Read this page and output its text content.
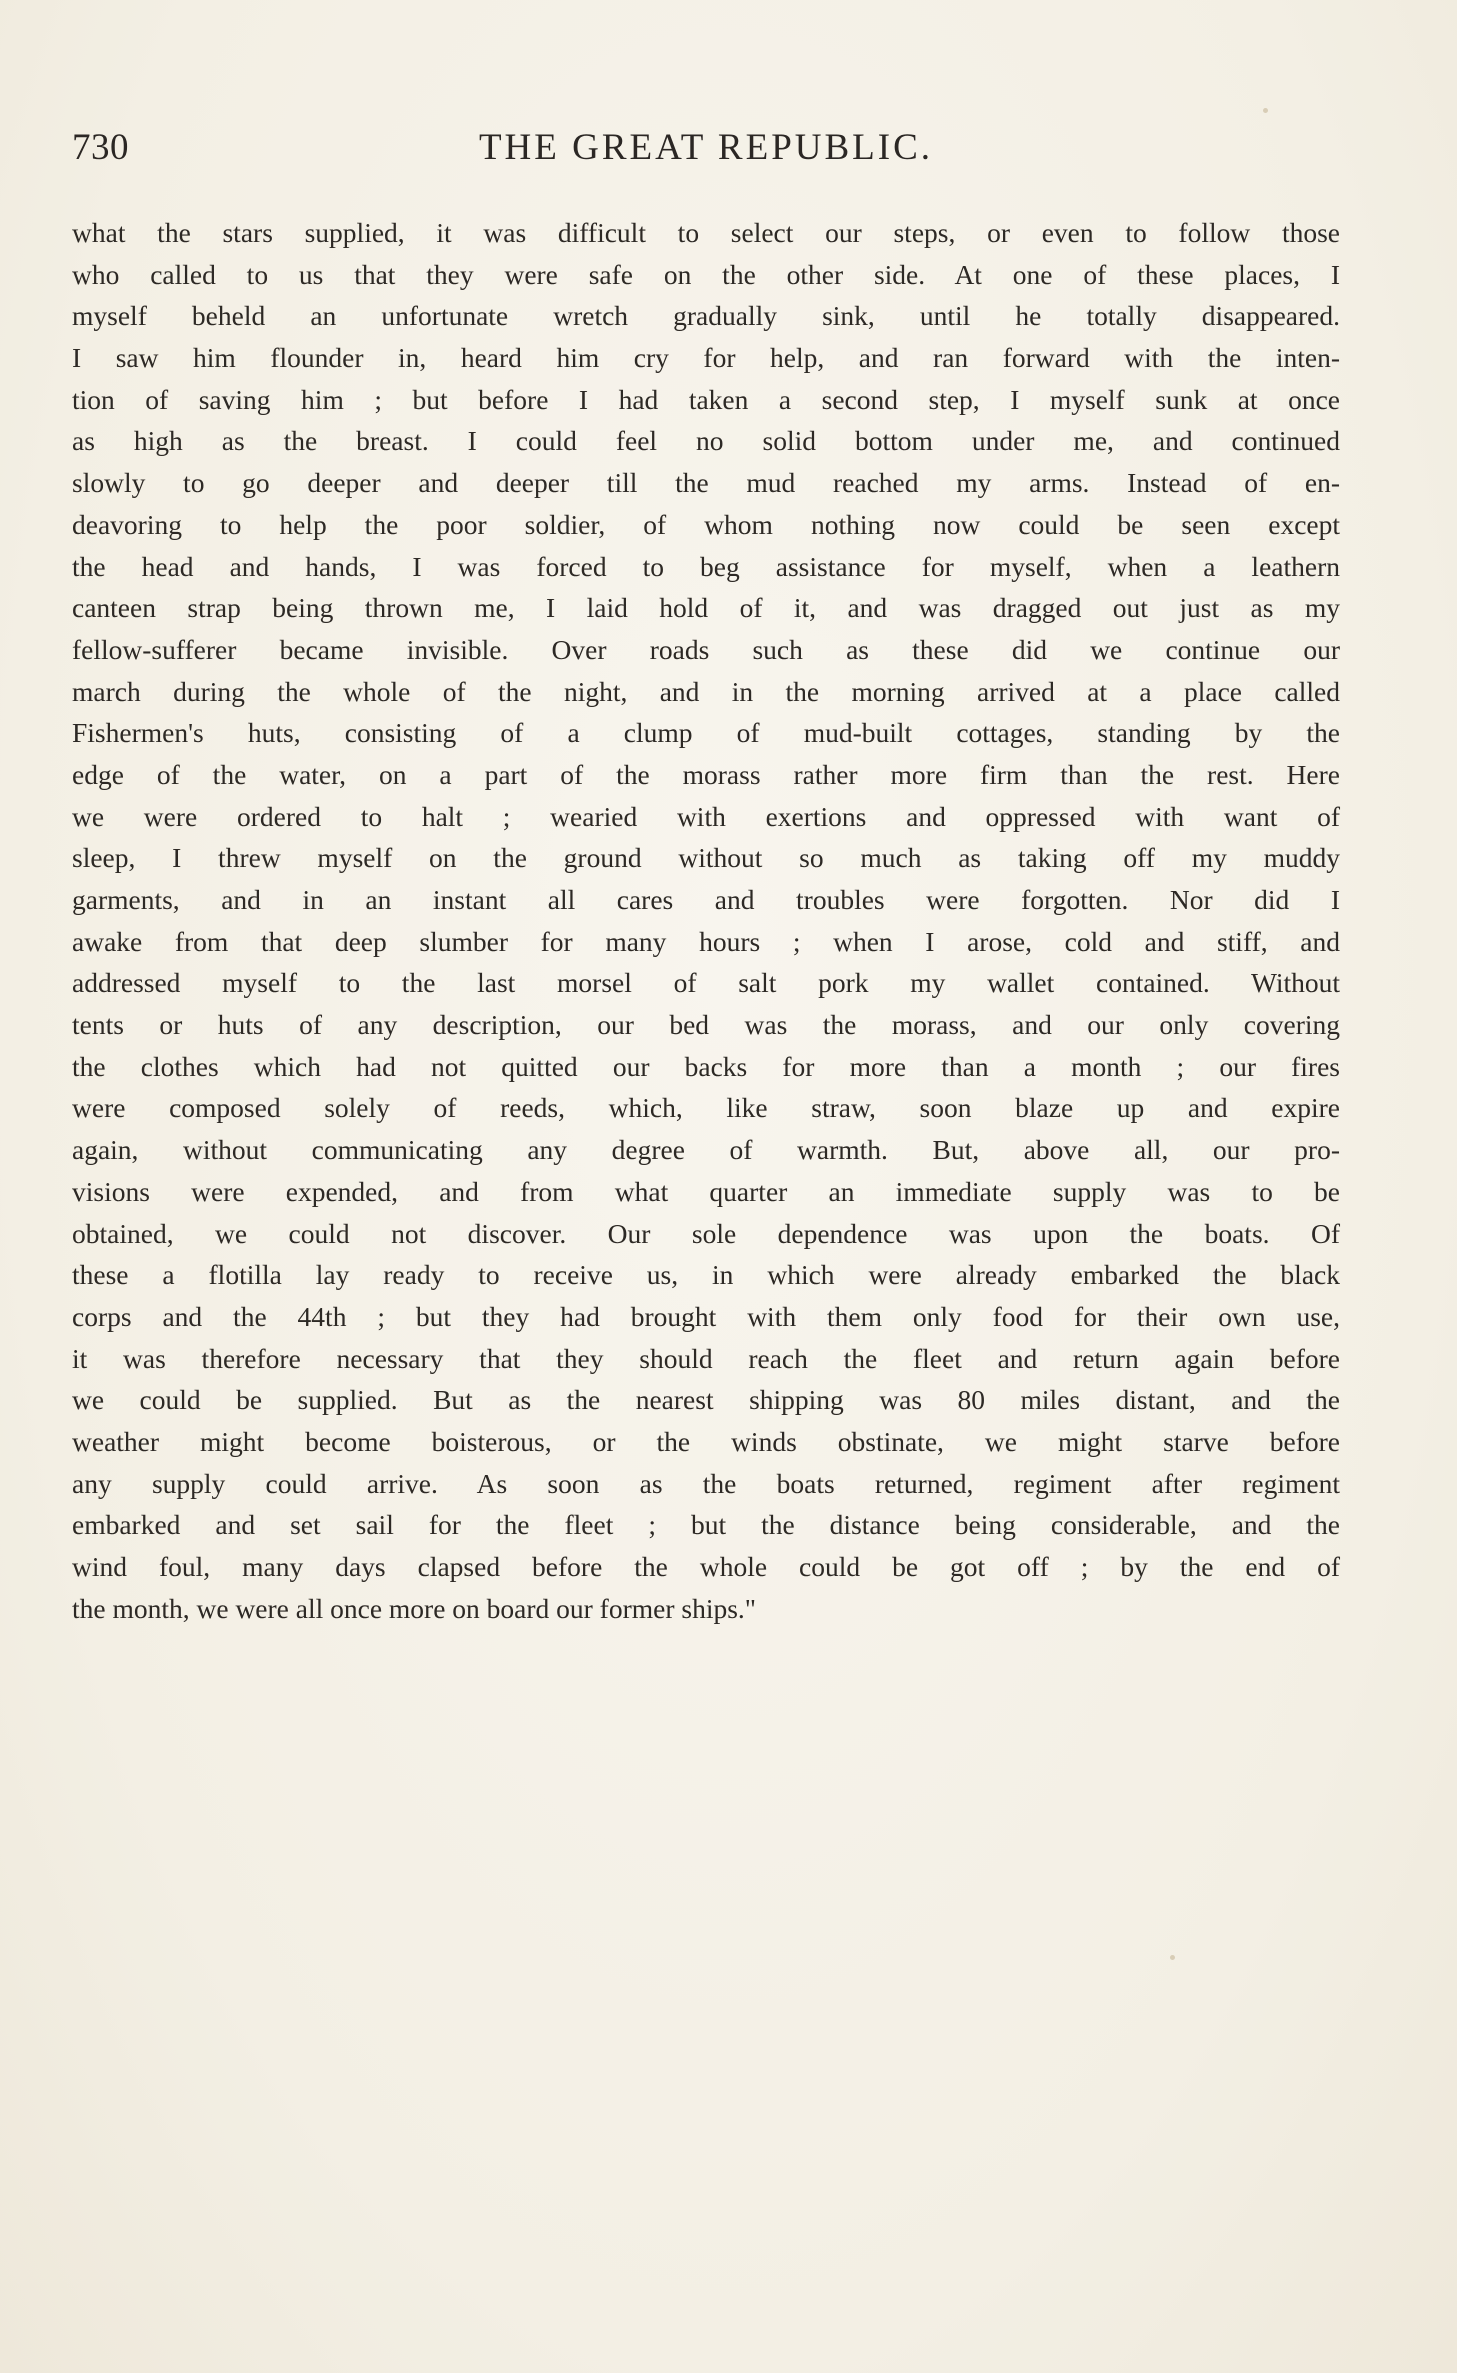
730	THE GREAT REPUBLIC.
what the stars supplied, it was difficult to select our steps, or even to follow those
who called to us that they were safe on the other side. At one of these places, I
myself beheld an unfortunate wretch gradually sink, until he totally disappeared.
I saw him flounder in, heard him cry for help, and ran forward with the inten-
tion of saving him ; but before I had taken a second step, I myself sunk at once
as high as the breast. I could feel no solid bottom under me, and continued
slowly to go deeper and deeper till the mud reached my arms. Instead of en-
deavoring to help the poor soldier, of whom nothing now could be seen except
the head and hands, I was forced to beg assistance for myself, when a leathern
canteen strap being thrown me, I laid hold of it, and was dragged out just as my
fellow-sufferer became invisible. Over roads such as these did we continue our
march during the whole of the night, and in the morning arrived at a place called
Fishermen's huts, consisting of a clump of mud-built cottages, standing by the
edge of the water, on a part of the morass rather more firm than the rest. Here
we were ordered to halt ; wearied with exertions and oppressed with want of
sleep, I threw myself on the ground without so much as taking off my muddy
garments, and in an instant all cares and troubles were forgotten. Nor did I
awake from that deep slumber for many hours ; when I arose, cold and stiff, and
addressed myself to the last morsel of salt pork my wallet contained. Without
tents or huts of any description, our bed was the morass, and our only covering
the clothes which had not quitted our backs for more than a month ; our fires
were composed solely of reeds, which, like straw, soon blaze up and expire
again, without communicating any degree of warmth. But, above all, our pro-
visions were expended, and from what quarter an immediate supply was to be
obtained, we could not discover. Our sole dependence was upon the boats. Of
these a flotilla lay ready to receive us, in which were already embarked the black
corps and the 44th ; but they had brought with them only food for their own use,
it was therefore necessary that they should reach the fleet and return again before
we could be supplied. But as the nearest shipping was 80 miles distant, and the
weather might become boisterous, or the winds obstinate, we might starve before
any supply could arrive. As soon as the boats returned, regiment after regiment
embarked and set sail for the fleet ; but the distance being considerable, and the
wind foul, many days clapsed before the whole could be got off ; by the end of
the month, we were all once more on board our former ships."
